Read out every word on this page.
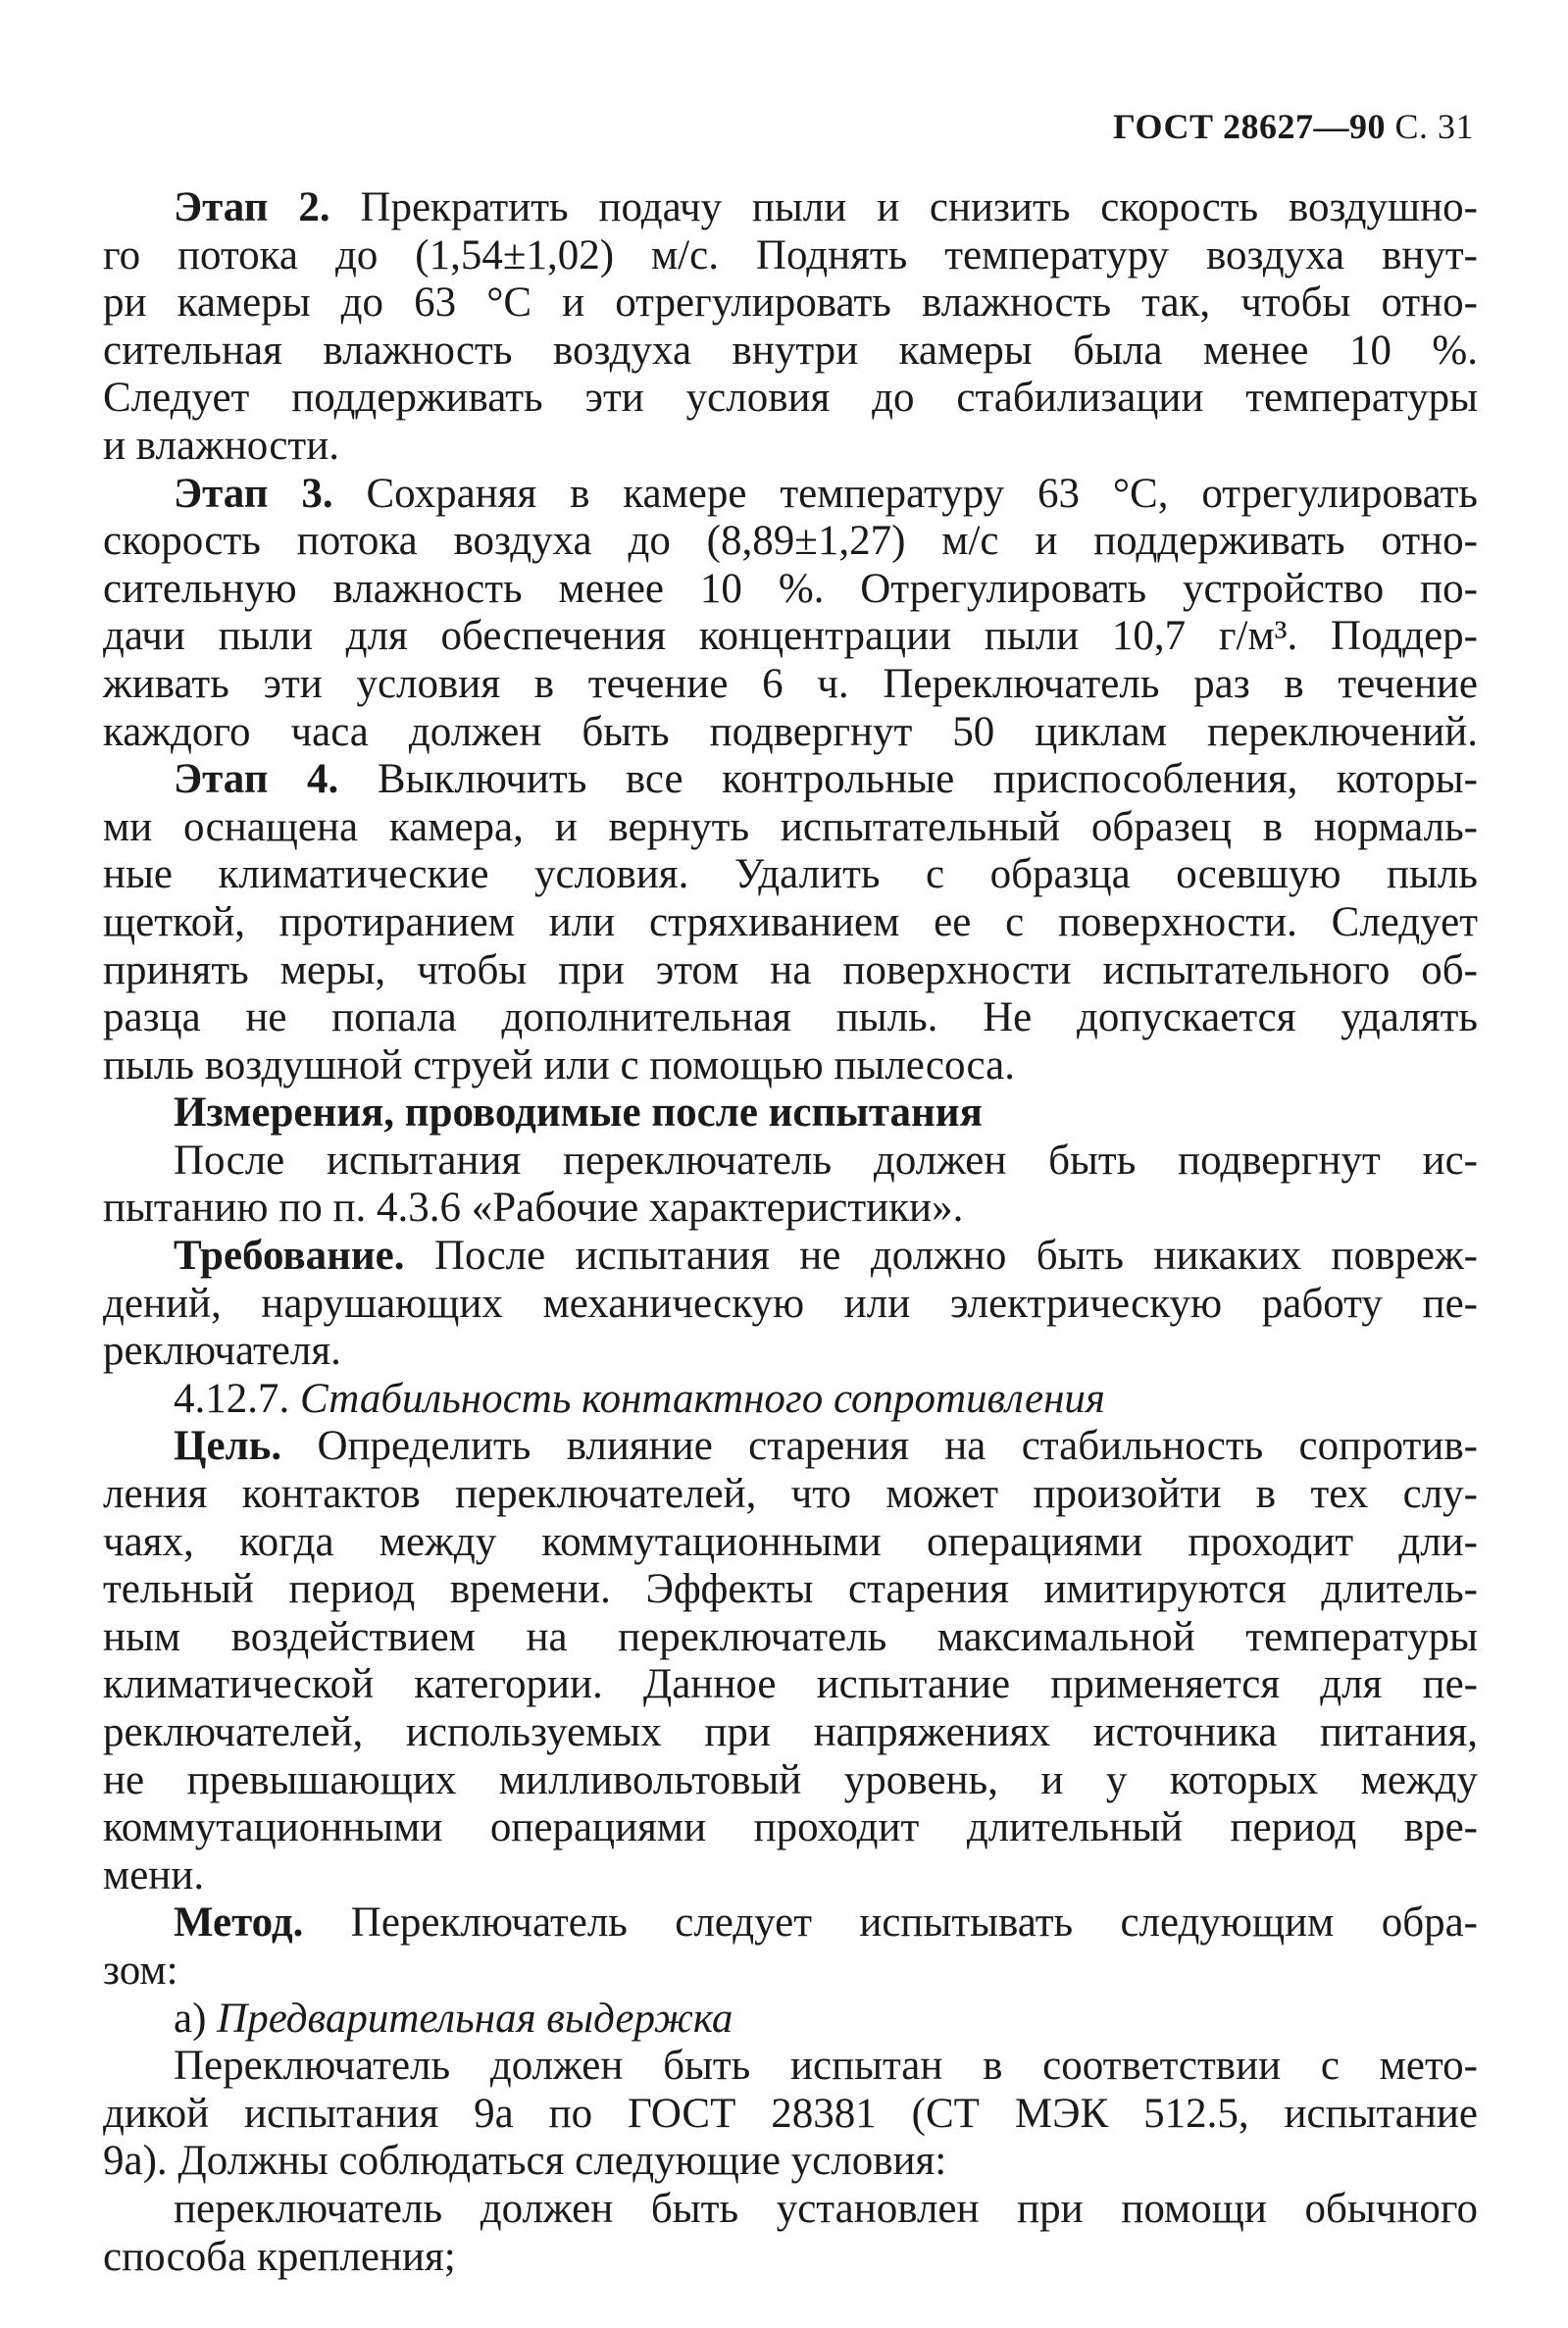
ГОСТ 28627—90 С. 31
Этап 2. Прекратить подачу пыли и снизить скорость воздушно-
го потока до (1,54±1,02) м/с. Поднять температуру воздуха внут-
ри камеры до 63 °С и отрегулировать влажность так, чтобы отно-
сительная влажность воздуха внутри камеры была менее 10 %.
Следует поддерживать эти условия до стабилизации температуры
и влажности.
Этап 3. Сохраняя в камере температуру 63 °С, отрегулировать
скорость потока воздуха до (8,89±1,27) м/с и поддерживать отно-
сительную влажность менее 10 %. Отрегулировать устройство по-
дачи пыли для обеспечения концентрации пыли 10,7 г/м³. Поддер-
живать эти условия в течение 6 ч. Переключатель раз в течение
каждого часа должен быть подвергнут 50 циклам переключений.
Этап 4. Выключить все контрольные приспособления, которы-
ми оснащена камера, и вернуть испытательный образец в нормаль-
ные климатические условия. Удалить с образца осевшую пыль
щеткой, протиранием или стряхиванием ее с поверхности. Следует
принять меры, чтобы при этом на поверхности испытательного об-
разца не попала дополнительная пыль. Не допускается удалять
пыль воздушной струей или с помощью пылесоса.
Измерения, проводимые после испытания
После испытания переключатель должен быть подвергнут ис-
пытанию по п. 4.3.6 «Рабочие характеристики».
Требование. После испытания не должно быть никаких повреж-
дений, нарушающих механическую или электрическую работу пе-
реключателя.
4.12.7. Стабильность контактного сопротивления
Цель. Определить влияние старения на стабильность сопротив-
ления контактов переключателей, что может произойти в тех слу-
чаях, когда между коммутационными операциями проходит дли-
тельный период времени. Эффекты старения имитируются длитель-
ным воздействием на переключатель максимальной температуры
климатической категории. Данное испытание применяется для пе-
реключателей, используемых при напряжениях источника питания,
не превышающих милливольтовый уровень, и у которых между
коммутационными операциями проходит длительный период вре-
мени.
Метод. Переключатель следует испытывать следующим обра-
зом:
а) Предварительная выдержка
Переключатель должен быть испытан в соответствии с мето-
дикой испытания 9а по ГОСТ 28381 (СТ МЭК 512.5, испытание
9а). Должны соблюдаться следующие условия:
переключатель должен быть установлен при помощи обычного
способа крепления;
